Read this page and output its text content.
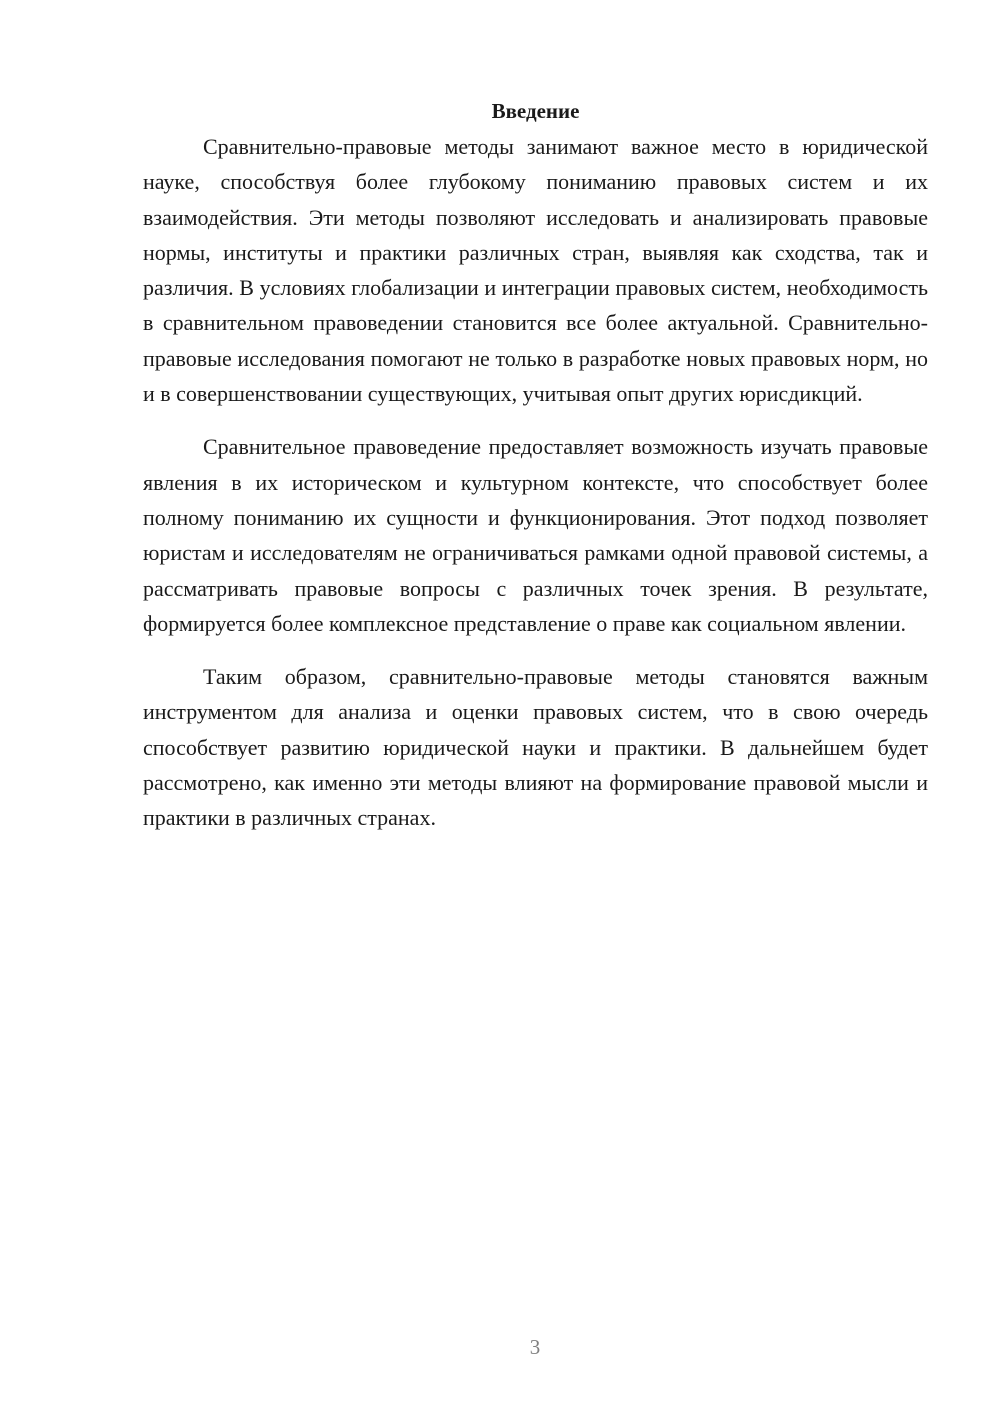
Введение

Сравнительно-правовые методы занимают важное место в юридической науке, способствуя более глубокому пониманию правовых систем и их взаимодействия. Эти методы позволяют исследовать и анализировать правовые нормы, институты и практики различных стран, выявляя как сходства, так и различия. В условиях глобализации и интеграции правовых систем, необходимость в сравнительном правоведении становится все более актуальной. Сравнительно-правовые исследования помогают не только в разработке новых правовых норм, но и в совершенствовании существующих, учитывая опыт других юрисдикций.

Сравнительное правоведение предоставляет возможность изучать правовые явления в их историческом и культурном контексте, что способствует более полному пониманию их сущности и функционирования. Этот подход позволяет юристам и исследователям не ограничиваться рамками одной правовой системы, а рассматривать правовые вопросы с различных точек зрения. В результате, формируется более комплексное представление о праве как социальном явлении.

Таким образом, сравнительно-правовые методы становятся важным инструментом для анализа и оценки правовых систем, что в свою очередь способствует развитию юридической науки и практики. В дальнейшем будет рассмотрено, как именно эти методы влияют на формирование правовой мысли и практики в различных странах.

3
